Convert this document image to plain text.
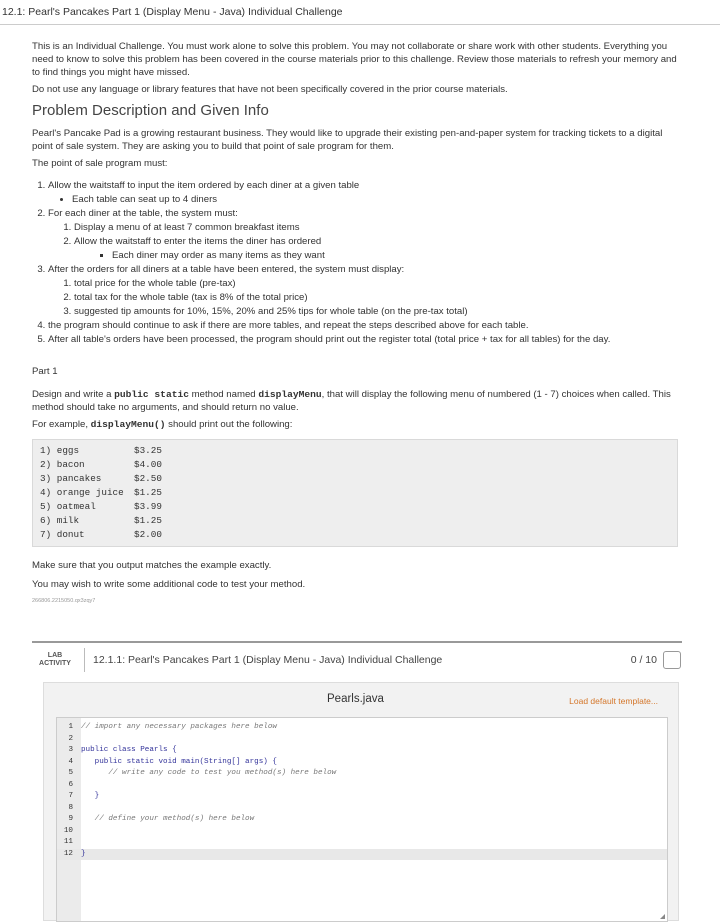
12.1: Pearl's Pancakes Part 1 (Display Menu - Java) Individual Challenge

This is an Individual Challenge. You must work alone to solve this problem. You may not collaborate or share work with other students. Everything you need to know to solve this problem has been covered in the course materials prior to this challenge. Review those materials to refresh your memory and to find things you might have missed.

Do not use any language or library features that have not been specifically covered in the prior course materials.

Problem Description and Given Info

Pearl's Pancake Pad is a growing restaurant business. They would like to upgrade their existing pen-and-paper system for tracking tickets to a digital point of sale system. They are asking you to build that point of sale program for them.

The point of sale program must:

1. Allow the waitstaff to input the item ordered by each diner at a given table
• Each table can seat up to 4 diners
2. For each diner at the table, the system must:
1. Display a menu of at least 7 common breakfast items
2. Allow the waitstaff to enter the items the diner has ordered
▪ Each diner may order as many items as they want
3. After the orders for all diners at a table have been entered, the system must display:
1. total price for the whole table (pre-tax)
2. total tax for the whole table (tax is 8% of the total price)
3. suggested tip amounts for 10%, 15%, 20% and 25% tips for whole table (on the pre-tax total)
4. the program should continue to ask if there are more tables, and repeat the steps described above for each table.
5. After all table's orders have been processed, the program should print out the register total (total price + tax for all tables) for the day.

Part 1

Design and write a public static method named displayMenu, that will display the following menu of numbered (1 - 7) choices when called. This method should take no arguments, and should return no value.

For example, displayMenu() should print out the following:

1) eggs	$3.25
2) bacon	$4.00
3) pancakes	$2.50
4) orange juice	$1.25
5) oatmeal	$3.99
6) milk	$1.25
7) donut	$2.00

Make sure that you output matches the example exactly.

You may wish to write some additional code to test your method.

266806.2215050.qx3zqy7
LAB
ACTIVITY	12.1.1: Pearl's Pancakes Part 1 (Display Menu - Java) Individual Challenge	0 / 10
Pearls.java	Load default template...
1	// import any necessary packages here below
2
3	public class Pearls {
4	public static void main(String[] args) {
5	// write any code to test you method(s) here below
6
7	}
8
9	// define your method(s) here below
10
11
12	}
